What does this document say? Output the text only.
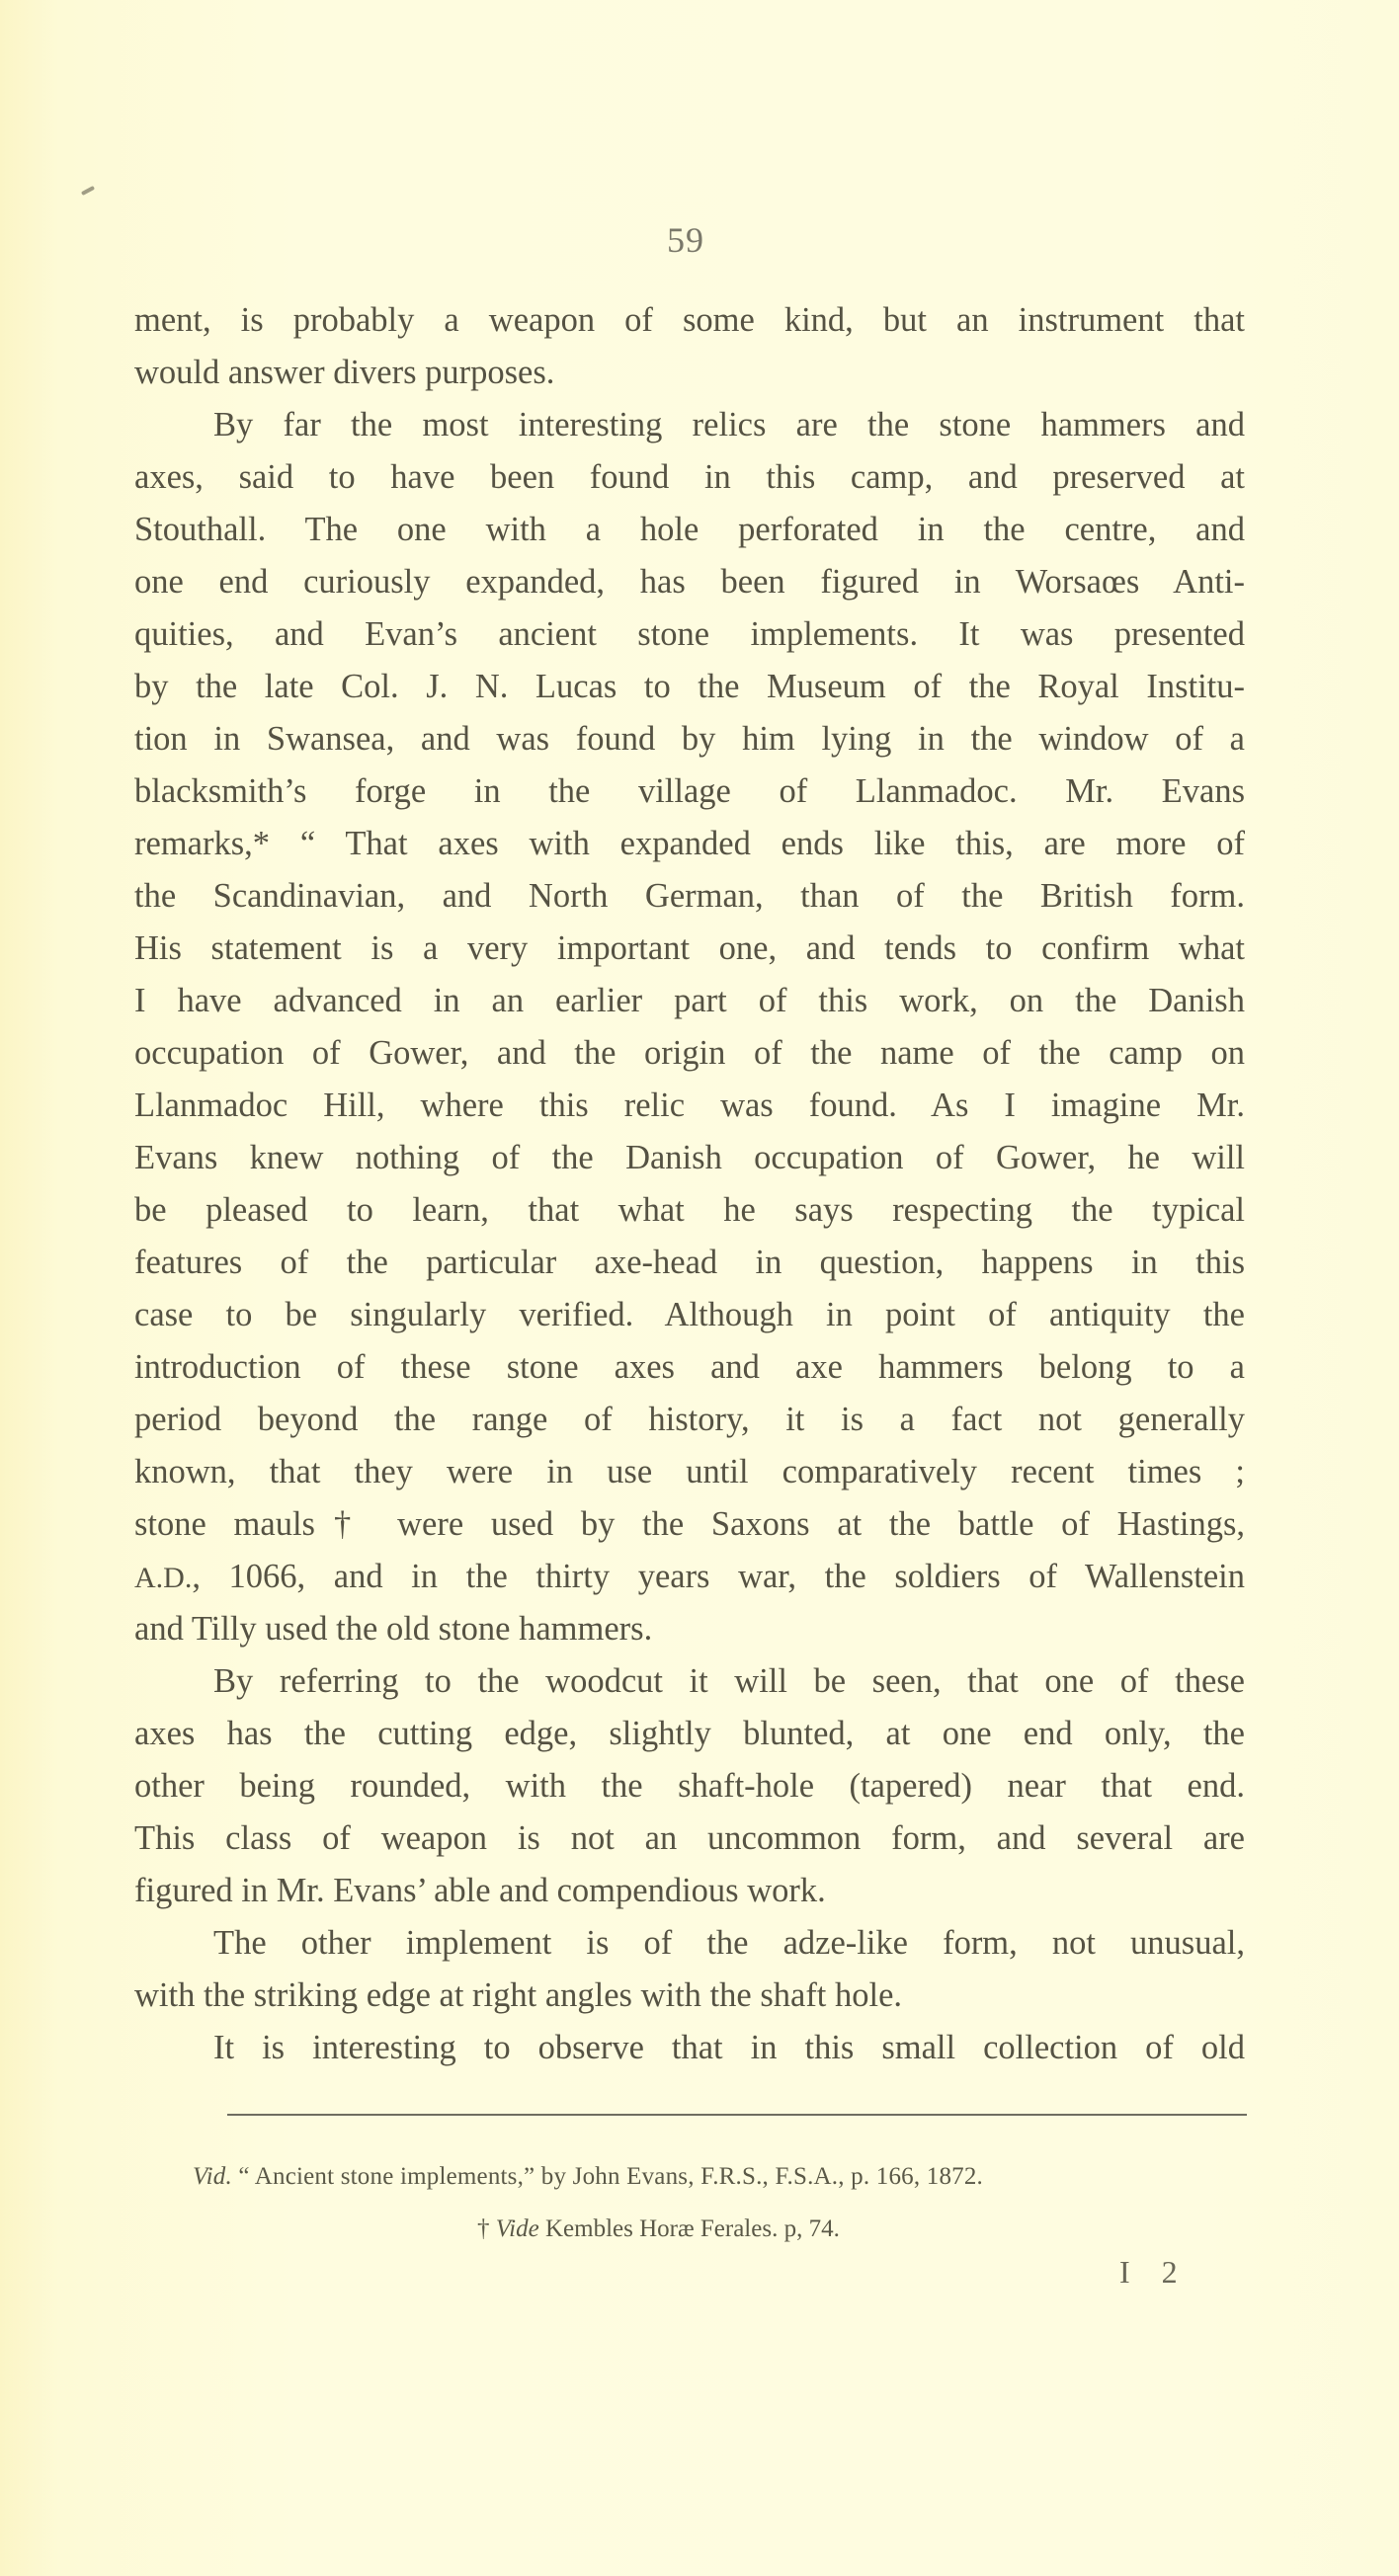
59
ment, is probably a weapon of some kind, but an instrument that
would answer divers purposes.
By far the most interesting relics are the stone hammers and
axes, said to have been found in this camp, and preserved at
Stouthall. The one with a hole perforated in the centre, and
one end curiously expanded, has been figured in Worsaœs Anti-
quities, and Evan’s ancient stone implements. It was presented
by the late Col. J. N. Lucas to the Museum of the Royal Institu-
tion in Swansea, and was found by him lying in the window of a
blacksmith’s forge in the village of Llanmadoc. Mr. Evans
remarks,* “ That axes with expanded ends like this, are more of
the Scandinavian, and North German, than of the British form.
His statement is a very important one, and tends to confirm what
I have advanced in an earlier part of this work, on the Danish
occupation of Gower, and the origin of the name of the camp on
Llanmadoc Hill, where this relic was found. As I imagine Mr.
Evans knew nothing of the Danish occupation of Gower, he will
be pleased to learn, that what he says respecting the typical
features of the particular axe-head in question, happens in this
case to be singularly verified. Although in point of antiquity the
introduction of these stone axes and axe hammers belong to a
period beyond the range of history, it is a fact not generally
known, that they were in use until comparatively recent times ;
stone mauls† were used by the Saxons at the battle of Hastings,
A.D., 1066, and in the thirty years war, the soldiers of Wallenstein
and Tilly used the old stone hammers.
By referring to the woodcut it will be seen, that one of these
axes has the cutting edge, slightly blunted, at one end only, the
other being rounded, with the shaft-hole (tapered) near that end.
This class of weapon is not an uncommon form, and several are
figured in Mr. Evans’ able and compendious work.
The other implement is of the adze-like form, not unusual,
with the striking edge at right angles with the shaft hole.
It is interesting to observe that in this small collection of old
Vid. “ Ancient stone implements,” by John Evans, F.R.S., F.S.A., p. 166, 1872.
† Vide Kembles Horæ Ferales. p, 74.
I 2
